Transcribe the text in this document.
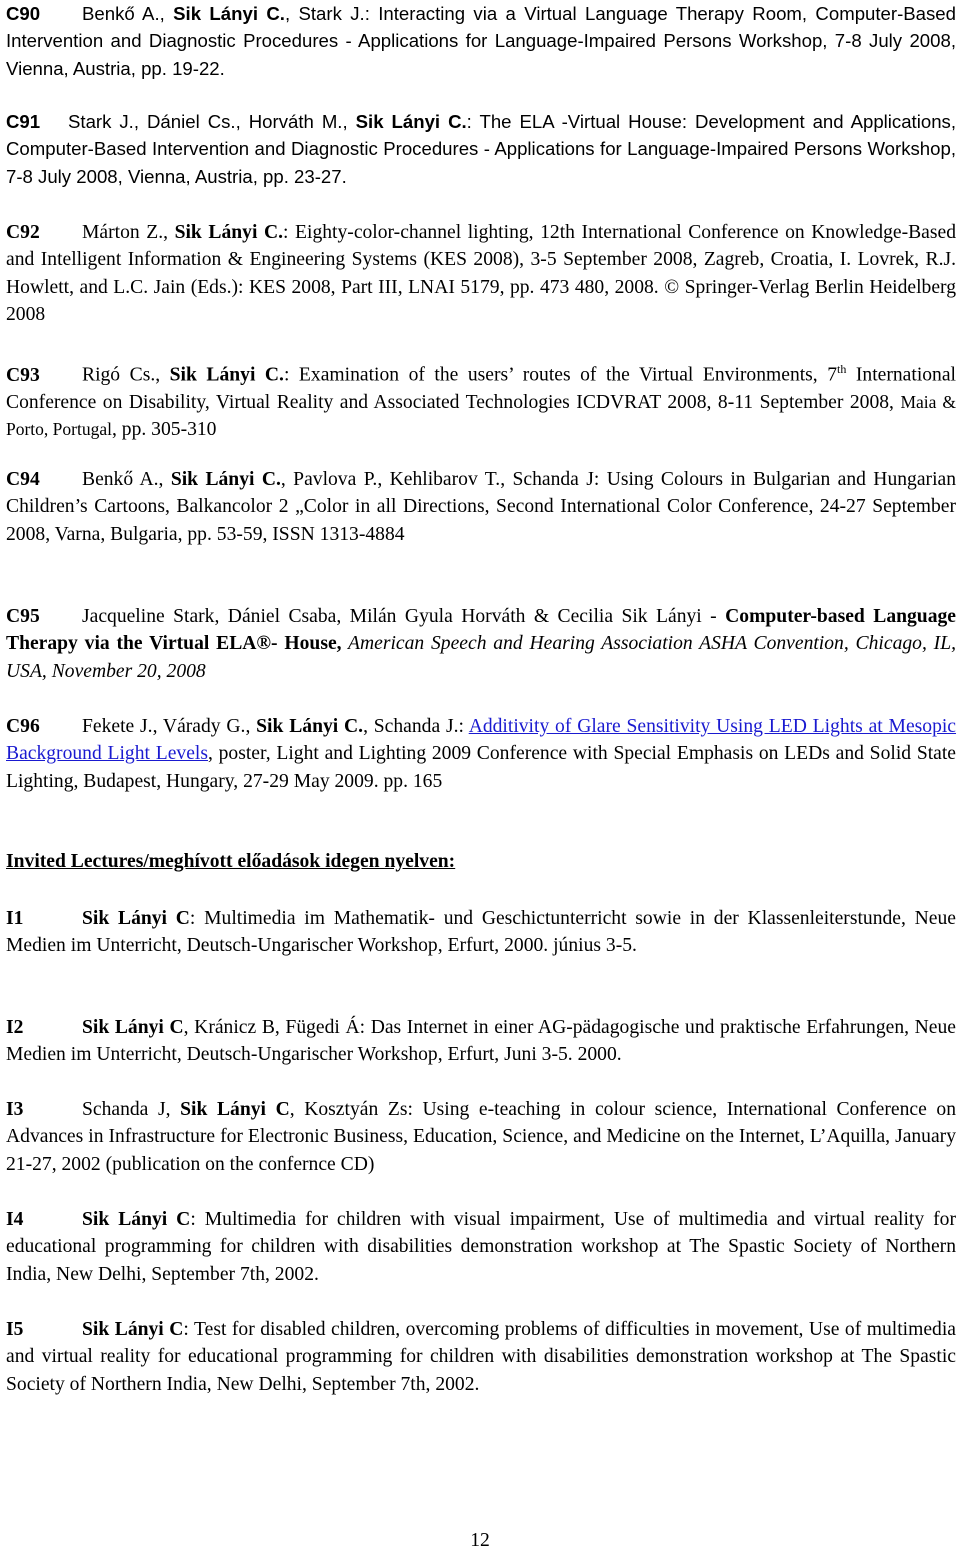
C90 Benkő A., Sik Lányi C., Stark J.: Interacting via a Virtual Language Therapy Room, Computer-Based Intervention and Diagnostic Procedures - Applications for Language-Impaired Persons Workshop, 7-8 July 2008, Vienna, Austria, pp. 19-22.

C91 Stark J., Dániel Cs., Horváth M., Sik Lányi C.: The ELA -Virtual House: Development and Applications, Computer-Based Intervention and Diagnostic Procedures - Applications for Language-Impaired Persons Workshop, 7-8 July 2008, Vienna, Austria, pp. 23-27.

C92 Márton Z., Sik Lányi C.: Eighty-color-channel lighting, 12th International Conference on Knowledge-Based and Intelligent Information & Engineering Systems (KES 2008), 3-5 September 2008, Zagreb, Croatia, I. Lovrek, R.J. Howlett, and L.C. Jain (Eds.): KES 2008, Part III, LNAI 5179, pp. 473 480, 2008. © Springer-Verlag Berlin Heidelberg 2008

C93 Rigó Cs., Sik Lányi C.: Examination of the users’ routes of the Virtual Environments, 7th International Conference on Disability, Virtual Reality and Associated Technologies ICDVRAT 2008, 8-11 September 2008, Maia & Porto, Portugal, pp. 305-310

C94 Benkő A., Sik Lányi C., Pavlova P., Kehlibarov T., Schanda J: Using Colours in Bulgarian and Hungarian Children’s Cartoons, Balkancolor 2 „Color in all Directions, Second International Color Conference, 24-27 September 2008, Varna, Bulgaria, pp. 53-59, ISSN 1313-4884

C95 Jacqueline Stark, Dániel Csaba, Milán Gyula Horváth & Cecilia Sik Lányi - Computer-based Language Therapy via the Virtual ELA®- House, American Speech and Hearing Association ASHA Convention, Chicago, IL, USA, November 20, 2008

C96 Fekete J., Várady G., Sik Lányi C., Schanda J.: Additivity of Glare Sensitivity Using LED Lights at Mesopic Background Light Levels, poster, Light and Lighting 2009 Conference with Special Emphasis on LEDs and Solid State Lighting, Budapest, Hungary, 27-29 May 2009. pp. 165

Invited Lectures/meghívott előadások idegen nyelven:

I1	Sik Lányi C: Multimedia im Mathematik- und Geschictunterricht sowie in der Klassenleiterstunde, Neue Medien im Unterricht, Deutsch-Ungarischer Workshop, Erfurt, 2000. június 3-5.

I2	Sik Lányi C, Kránicz B, Fügedi Á: Das Internet in einer AG-pädagogische und praktische Erfahrungen, Neue Medien im Unterricht, Deutsch-Ungarischer Workshop, Erfurt, Juni 3-5. 2000.

I3	Schanda J, Sik Lányi C, Kosztyán Zs: Using e-teaching in colour science, International Conference on Advances in Infrastructure for Electronic Business, Education, Science, and Medicine on the Internet, L’Aquilla, January 21-27, 2002 (publication on the confernce CD)

I4	Sik Lányi C: Multimedia for children with visual impairment, Use of multimedia and virtual reality for educational programming for children with disabilities demonstration workshop at The Spastic Society of Northern India, New Delhi, September 7th, 2002.

I5	Sik Lányi C: Test for disabled children, overcoming problems of difficulties in movement, Use of multimedia and virtual reality for educational programming for children with disabilities demonstration workshop at The Spastic Society of Northern India, New Delhi, September 7th, 2002.

12
